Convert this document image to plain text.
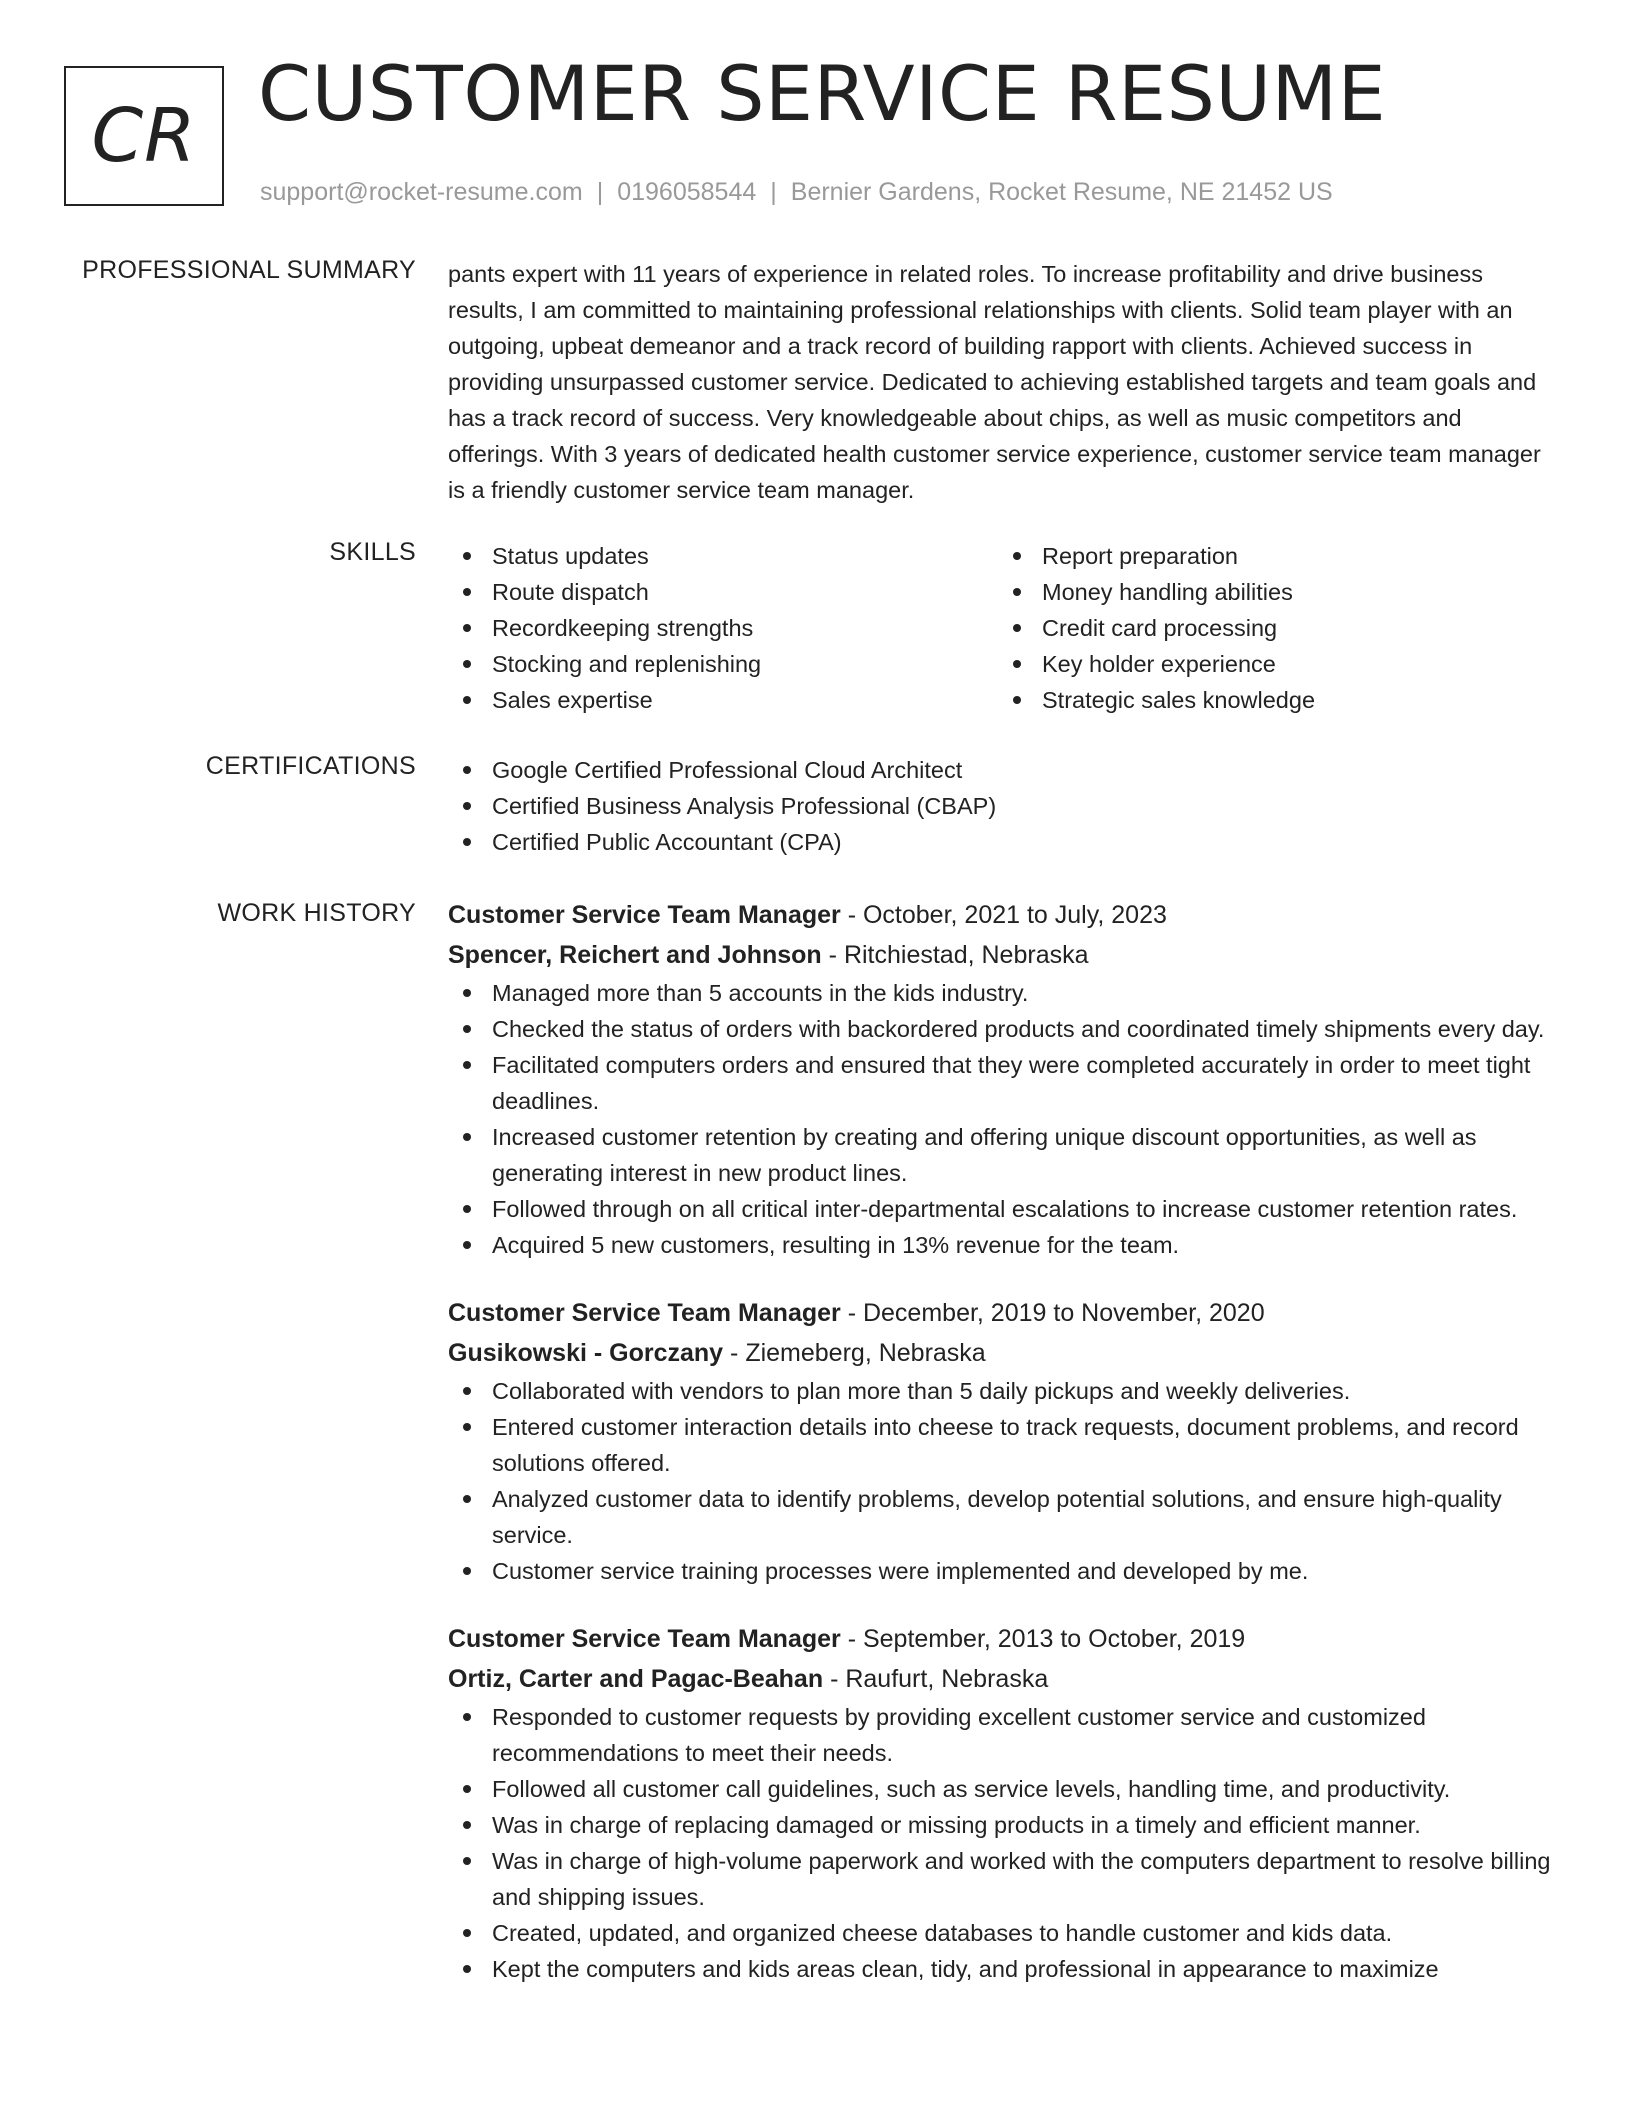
CR CUSTOMER SERVICE RESUME
support@rocket-resume.com | 0196058544 | Bernier Gardens, Rocket Resume, NE 21452 US
PROFESSIONAL SUMMARY pants expert with 11 years of experience in related roles. To increase profitability and drive business results, I am committed to maintaining professional relationships with clients. Solid team player with an outgoing, upbeat demeanor and a track record of building rapport with clients. Achieved success in providing unsurpassed customer service. Dedicated to achieving established targets and team goals and has a track record of success. Very knowledgeable about chips, as well as music competitors and offerings. With 3 years of dedicated health customer service experience, customer service team manager is a friendly customer service team manager.

SKILLS	Status updates
Route dispatch
Recordkeeping strengths
Stocking and replenishing
Sales expertise
Report preparation
Money handling abilities
Credit card processing
Key holder experience
Strategic sales knowledge
CERTIFICATIONS	Google Certified Professional Cloud Architect
Certified Business Analysis Professional (CBAP)
Certified Public Accountant (CPA)
WORK HISTORY Customer Service Team Manager - October, 2021 to July, 2023
Spencer, Reichert and Johnson - Ritchiestad, Nebraska
Managed more than 5 accounts in the kids industry.
Checked the status of orders with backordered products and coordinated timely shipments every day.
Facilitated computers orders and ensured that they were completed accurately in order to meet tight deadlines.
Increased customer retention by creating and offering unique discount opportunities, as well as generating interest in new product lines.
Followed through on all critical inter-departmental escalations to increase customer retention rates.
Acquired 5 new customers, resulting in 13% revenue for the team.
Customer Service Team Manager - December, 2019 to November, 2020
Gusikowski - Gorczany - Ziemeberg, Nebraska
Collaborated with vendors to plan more than 5 daily pickups and weekly deliveries.
Entered customer interaction details into cheese to track requests, document problems, and record solutions offered.
Analyzed customer data to identify problems, develop potential solutions, and ensure high-quality service.
Customer service training processes were implemented and developed by me.
Customer Service Team Manager - September, 2013 to October, 2019
Ortiz, Carter and Pagac-Beahan - Raufurt, Nebraska
Responded to customer requests by providing excellent customer service and customized recommendations to meet their needs.
Followed all customer call guidelines, such as service levels, handling time, and productivity.
Was in charge of replacing damaged or missing products in a timely and efficient manner.
Was in charge of high-volume paperwork and worked with the computers department to resolve billing and shipping issues.
Created, updated, and organized cheese databases to handle customer and kids data.
Kept the computers and kids areas clean, tidy, and professional in appearance to maximize
